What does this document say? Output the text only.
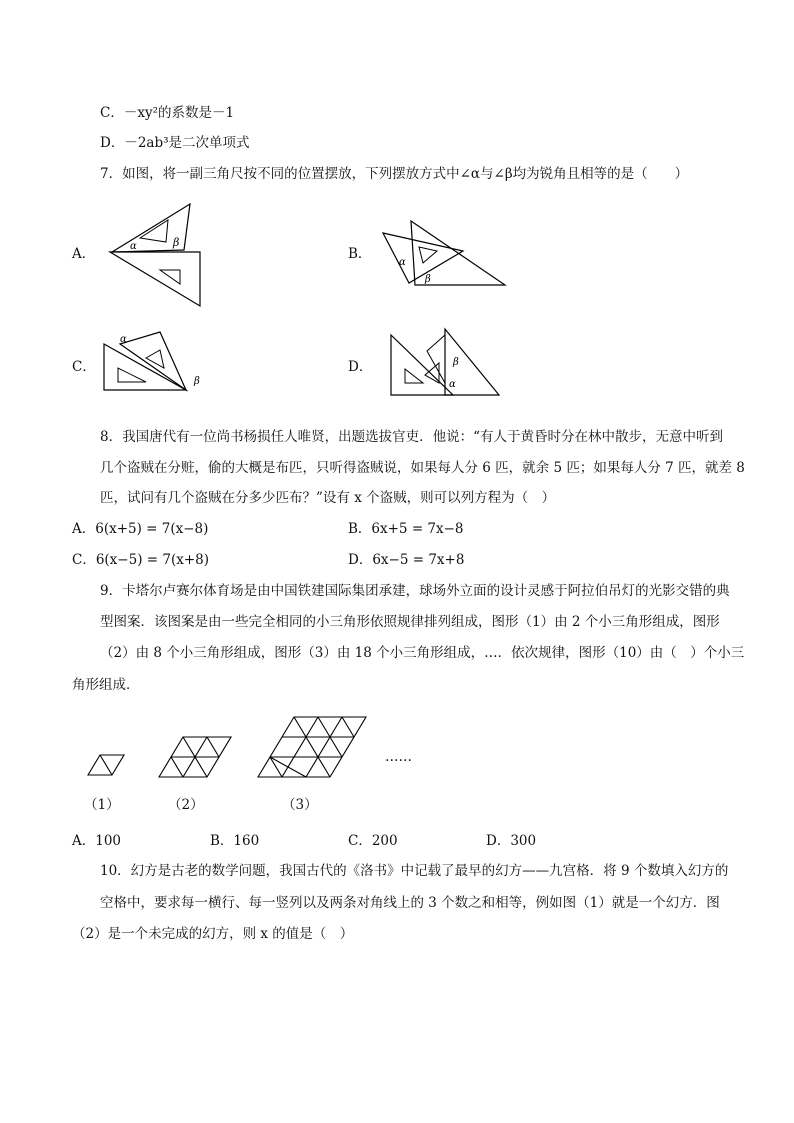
C．－xy²的系数是－1
D．－2ab³是二次单项式
7．如图，将一副三角尺按不同的位置摆放，下列摆放方式中∠α与∠β均为锐角且相等的是（　　）
A．	α	β
B．
α
β
C．
α
β
D．	β
α
8．我国唐代有一位尚书杨损任人唯贤，出题选拔官吏．他说：“有人于黄昏时分在林中散步，无意中听到
几个盗贼在分赃，偷的大概是布匹，只听得盗贼说，如果每人分 6 匹，就余 5 匹；如果每人分 7 匹，就差 8
匹，试问有几个盗贼在分多少匹布？”设有 x 个盗贼，则可以列方程为（　）
A．6(x+5) = 7(x−8)	B．6x+5 = 7x−8
C．6(x−5) = 7(x+8)	D．6x−5 = 7x+8
9．卡塔尔卢赛尔体育场是由中国铁建国际集团承建，球场外立面的设计灵感于阿拉伯吊灯的光影交错的典
型图案．该图案是由一些完全相同的小三角形依照规律排列组成，图形（1）由 2 个小三角形组成，图形
（2）由 8 个小三角形组成，图形（3）由 18 个小三角形组成，…．依次规律，图形（10）由（　）个小三
角形组成．
……
（1）	（2）	（3）
A．100	B．160	C．200	D．300
10．幻方是古老的数学问题，我国古代的《洛书》中记载了最早的幻方——九宫格．将 9 个数填入幻方的
空格中，要求每一横行、每一竖列以及两条对角线上的 3 个数之和相等，例如图（1）就是一个幻方．图
（2）是一个未完成的幻方，则 x 的值是（　）
